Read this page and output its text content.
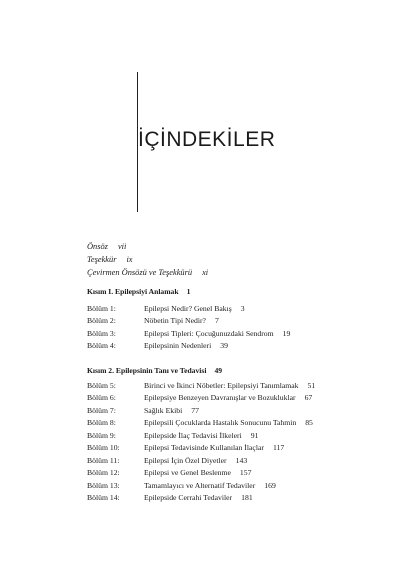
İÇİNDEKİLER
Önsöz vii
Teşekkür ix
Çevirmen Önsözü ve Teşekkürü xi
Kısım I. Epilepsiyi Anlamak 1
Bölüm 1:	Epilepsi Nedir? Genel Bakış 3
Bölüm 2:	Nöbetin Tipi Nedir? 7
Bölüm 3:	Epilepsi Tipleri: Çocuğunuzdaki Sendrom 19
Bölüm 4:	Epilepsinin Nedenleri 39
Kısım 2. Epilepsinin Tanı ve Tedavisi 49
Bölüm 5:	Birinci ve İkinci Nöbetler: Epilepsiyi Tanımlamak 51
Bölüm 6:	Epilepsiye Benzeyen Davranışlar ve Bozukluklar 67
Bölüm 7:	Sağlık Ekibi 77
Bölüm 8:	Epilepsili Çocuklarda Hastalık Sonucunu Tahmin 85
Bölüm 9:	Epilepside İlaç Tedavisi İlkeleri 91
Bölüm 10:	Epilepsi Tedavisinde Kullanılan İlaçlar 117
Bölüm 11:	Epilepsi İçin Özel Diyetler 143
Bölüm 12:	Epilepsi ve Genel Beslenme 157
Bölüm 13:	Tamamlayıcı ve Alternatif Tedaviler 169
Bölüm 14:	Epilepside Cerrahi Tedaviler 181
